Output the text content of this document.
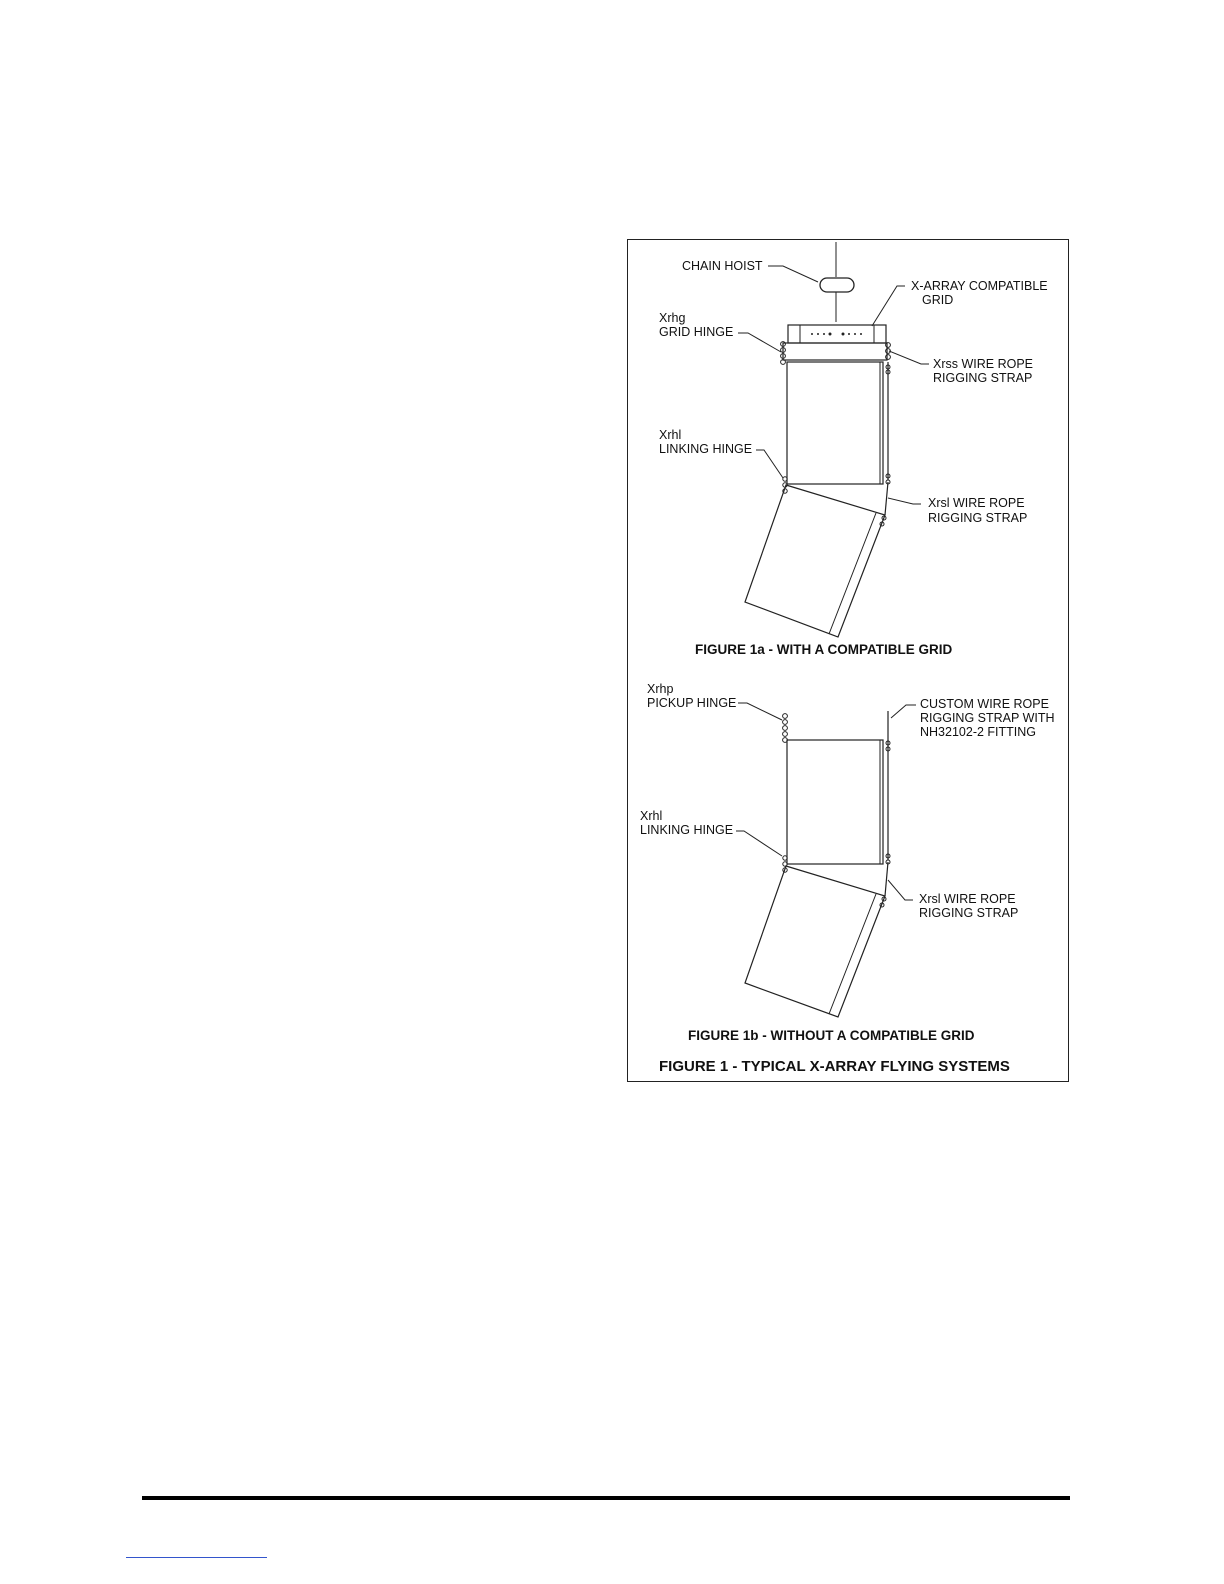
CHAIN HOIST
X-ARRAY COMPATIBLE
GRID
Xrhg
GRID HINGE
Xrss WIRE ROPE
RIGGING STRAP
Xrhl
LINKING HINGE
Xrsl WIRE ROPE
RIGGING STRAP
FIGURE 1a - WITH A COMPATIBLE GRID
Xrhp
PICKUP HINGE	CUSTOM WIRE ROPE
RIGGING STRAP WITH
NH32102-2 FITTING
Xrhl
LINKING HINGE
Xrsl WIRE ROPE
RIGGING STRAP
FIGURE 1b - WITHOUT A COMPATIBLE GRID
FIGURE 1 - TYPICAL X-ARRAY FLYING SYSTEMS
